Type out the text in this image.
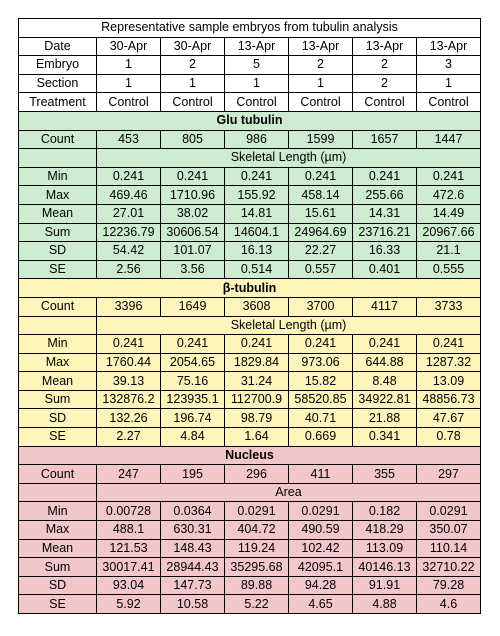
Representative sample embryos from tubulin analysis						
Date	30-Apr	30-Apr	13-Apr	13-Apr	13-Apr	13-Apr
Embryo	1	2	5	2	2	3
Section	1	1	1	1	2	1
Treatment	Control	Control	Control	Control	Control	Control
Glu tubulin						
Count	453	805	986	1599	1657	1447
	Skeletal Length (µm)					
Min	0.241	0.241	0.241	0.241	0.241	0.241
Max	469.46	1710.96	155.92	458.14	255.66	472.6
Mean	27.01	38.02	14.81	15.61	14.31	14.49
Sum	12236.79	30606.54	14604.1	24964.69	23716.21	20967.66
SD	54.42	101.07	16.13	22.27	16.33	21.1
SE	2.56	3.56	0.514	0.557	0.401	0.555
β-tubulin						
Count	3396	1649	3608	3700	4117	3733
	Skeletal Length (µm)					
Min	0.241	0.241	0.241	0.241	0.241	0.241
Max	1760.44	2054.65	1829.84	973.06	644.88	1287.32
Mean	39.13	75.16	31.24	15.82	8.48	13.09
Sum	132876.2	123935.1	112700.9	58520.85	34922.81	48856.73
SD	132.26	196.74	98.79	40.71	21.88	47.67
SE	2.27	4.84	1.64	0.669	0.341	0.78
Nucleus						
Count	247	195	296	411	355	297
	Area					
Min	0.00728	0.0364	0.0291	0.0291	0.182	0.0291
Max	488.1	630.31	404.72	490.59	418.29	350.07
Mean	121.53	148.43	119.24	102.42	113.09	110.14
Sum	30017.41	28944.43	35295.68	42095.1	40146.13	32710.22
SD	93.04	147.73	89.88	94.28	91.91	79.28
SE	5.92	10.58	5.22	4.65	4.88	4.6
